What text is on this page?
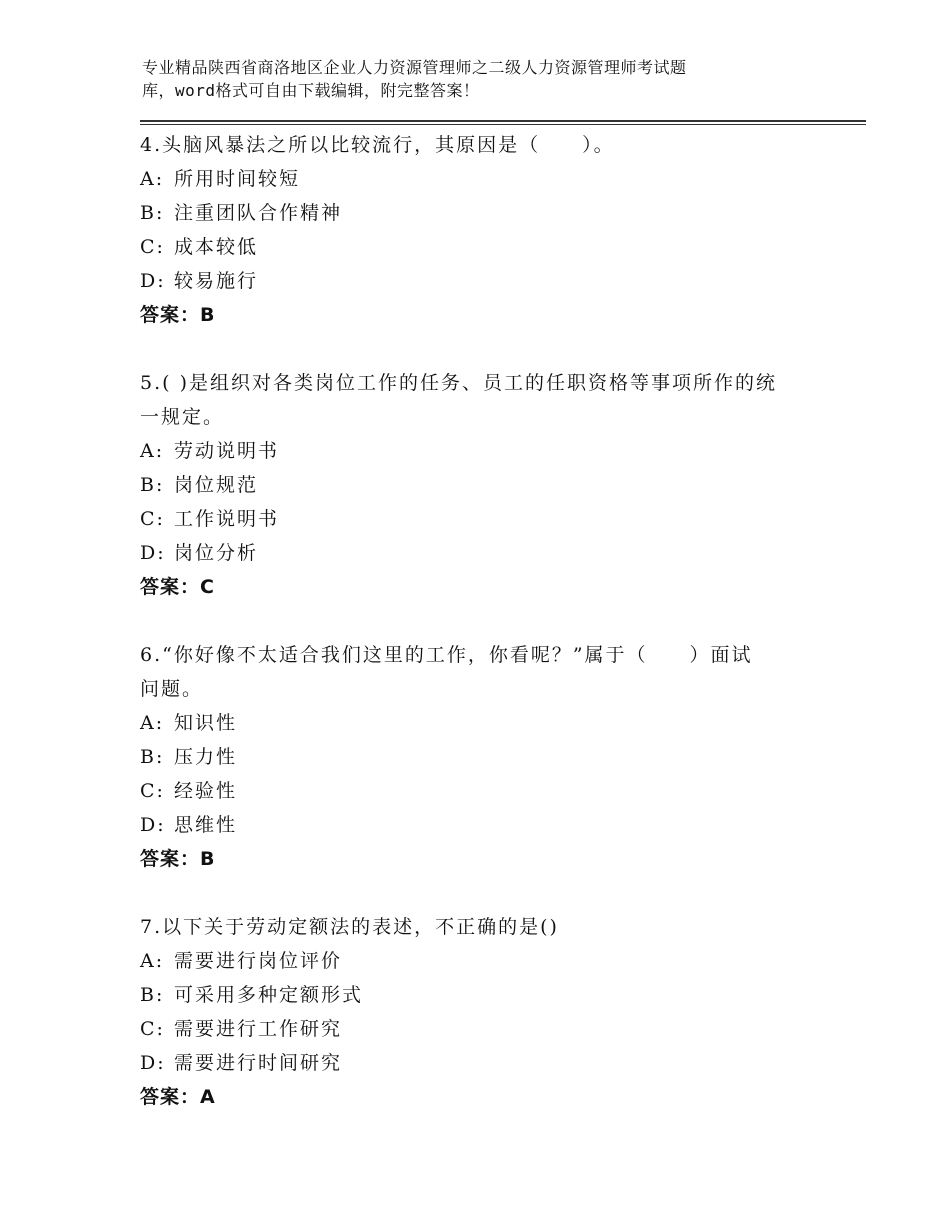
专业精品陕西省商洛地区企业人力资源管理师之二级人力资源管理师考试题
库，word格式可自由下载编辑，附完整答案！

4.头脑风暴法之所以比较流行，其原因是（　　）。

A: 所用时间较短

B: 注重团队合作精神

C: 成本较低

D: 较易施行

答案：B

5.( )是组织对各类岗位工作的任务、员工的任职资格等事项所作的统

一规定。

A: 劳动说明书

B: 岗位规范

C: 工作说明书

D: 岗位分析

答案：C

6.“你好像不太适合我们这里的工作，你看呢？”属于（　　）面试

问题。

A: 知识性

B: 压力性

C: 经验性

D: 思维性

答案：B

7.以下关于劳动定额法的表述，不正确的是()

A: 需要进行岗位评价

B: 可采用多种定额形式

C: 需要进行工作研究

D: 需要进行时间研究

答案：A
